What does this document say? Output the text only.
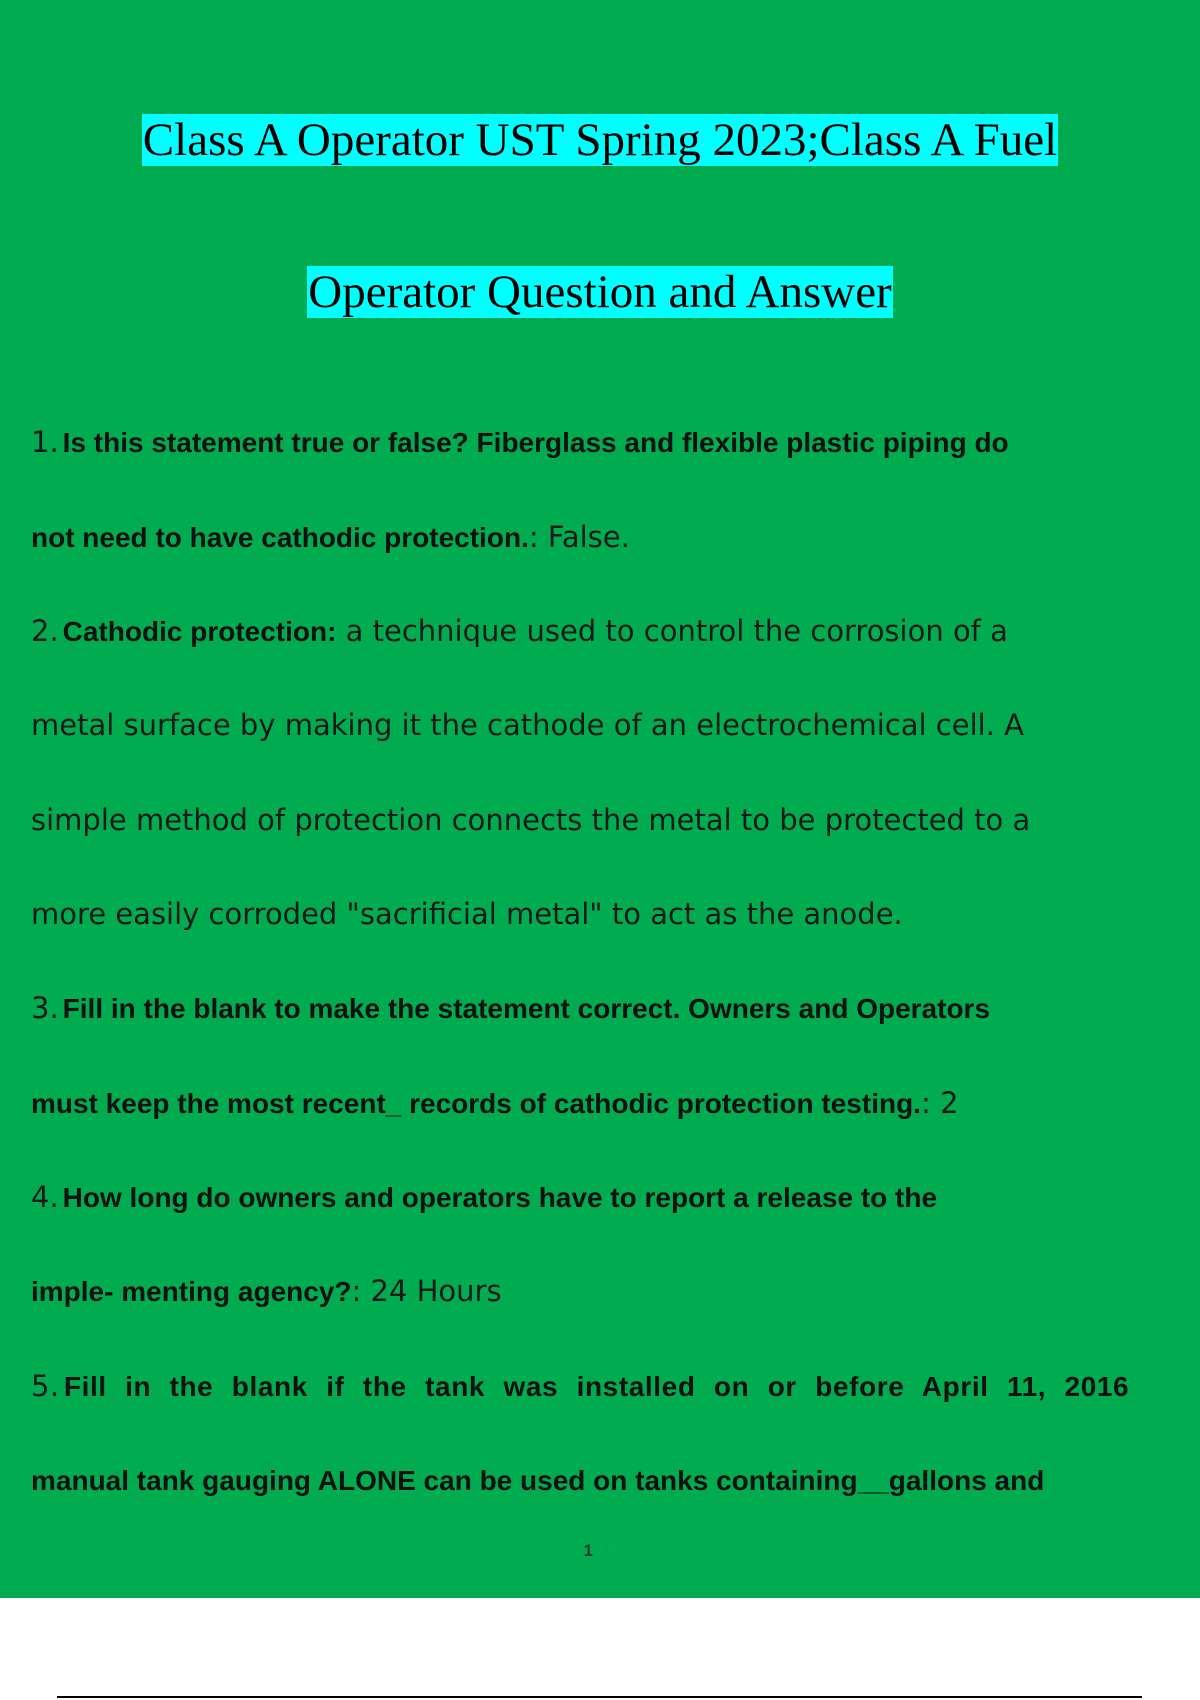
Class A Operator UST Spring 2023;Class A Fuel
Operator Question and Answer

1. Is this statement true or false? Fiberglass and flexible plastic piping do

not need to have cathodic protection.: False.

2. Cathodic protection: a technique used to control the corrosion of a

metal surface by making it the cathode of an electrochemical cell. A

simple method of protection connects the metal to be protected to a

more easily corroded "sacrificial metal" to act as the anode.

3. Fill in the blank to make the statement correct. Owners and Operators

must keep the most recent_ records of cathodic protection testing.: 2

4. How long do owners and operators have to report a release to the

imple- menting agency?: 24 Hours

5. Fill in the blank if the tank was installed on or before April 11, 2016

manual tank gauging ALONE can be used on tanks containing__gallons and

1 / 7
